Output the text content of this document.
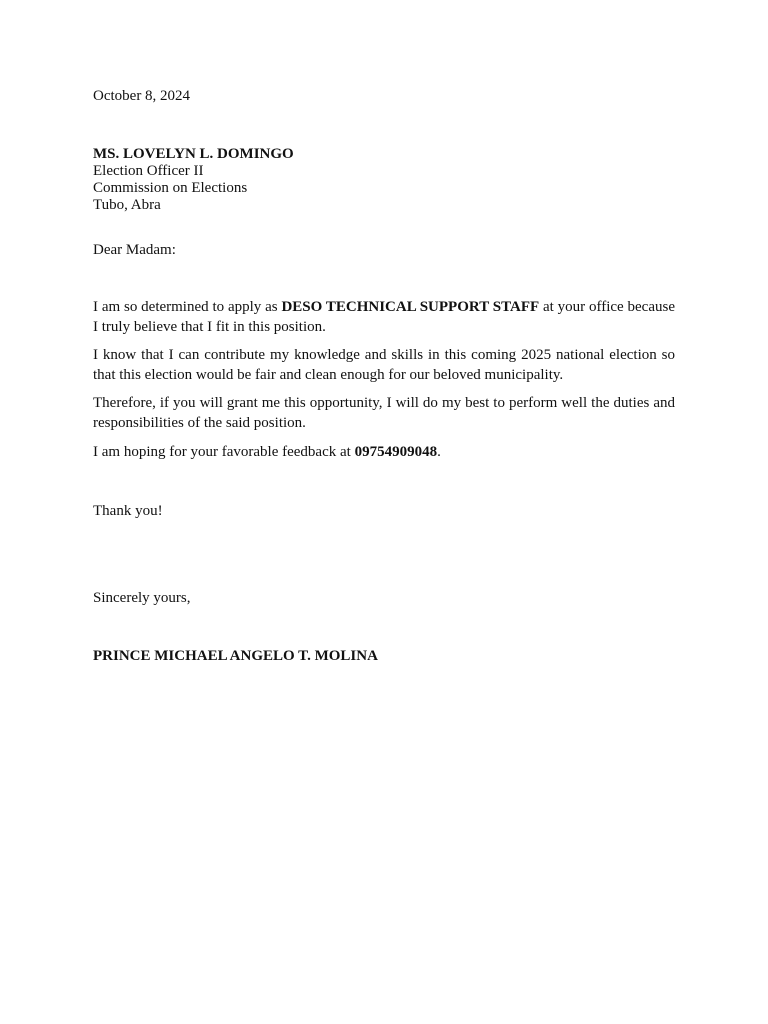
October 8, 2024
MS. LOVELYN L. DOMINGO
Election Officer II
Commission on Elections
Tubo, Abra
Dear Madam:
I am so determined to apply as DESO TECHNICAL SUPPORT STAFF at your office because I truly believe that I fit in this position.
I know that I can contribute my knowledge and skills in this coming 2025 national election so that this election would be fair and clean enough for our beloved municipality.
Therefore, if you will grant me this opportunity, I will do my best to perform well the duties and responsibilities of the said position.
I am hoping for your favorable feedback at 09754909048.
Thank you!
Sincerely yours,
PRINCE MICHAEL ANGELO T. MOLINA
